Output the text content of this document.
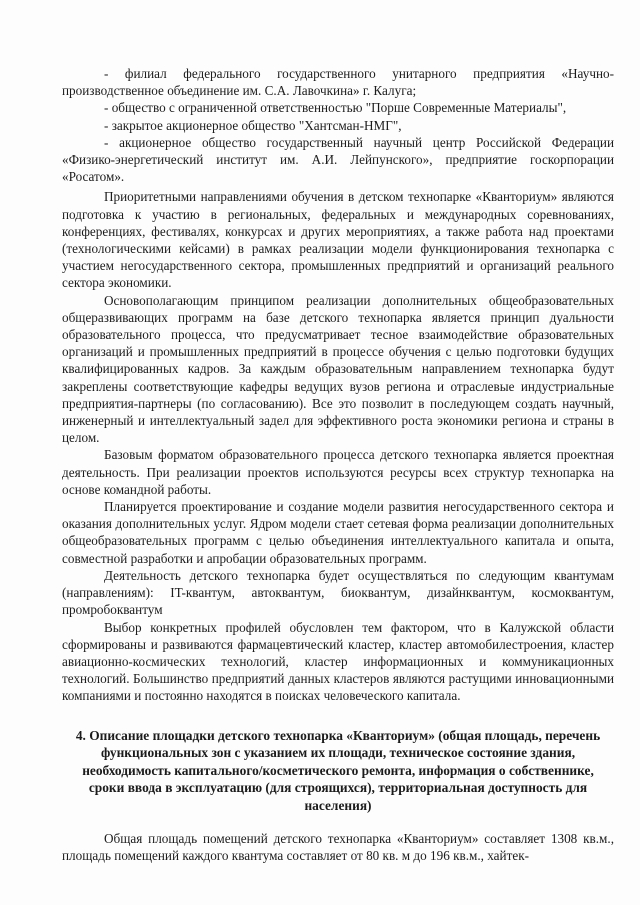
- филиал федерального государственного унитарного предприятия «Научно-производственное объединение им. С.А. Лавочкина» г. Калуга;

- общество с ограниченной ответственностью "Порше Современные Материалы",

- закрытое акционерное общество "Хантсман-НМГ",

- акционерное общество государственный научный центр Российской Федерации «Физико-энергетический институт им. А.И. Лейпунского», предприятие госкорпорации «Росатом».

Приоритетными направлениями обучения в детском технопарке «Кванториум» являются подготовка к участию в региональных, федеральных и международных соревнованиях, конференциях, фестивалях, конкурсах и других мероприятиях, а также работа над проектами (технологическими кейсами) в рамках реализации модели функционирования технопарка с участием негосударственного сектора, промышленных предприятий и организаций реального сектора экономики.

Основополагающим принципом реализации дополнительных общеобразовательных общеразвивающих программ на базе детского технопарка является принцип дуальности образовательного процесса, что предусматривает тесное взаимодействие образовательных организаций и промышленных предприятий в процессе обучения с целью подготовки будущих квалифицированных кадров. За каждым образовательным направлением технопарка будут закреплены соответствующие кафедры ведущих вузов региона и отраслевые индустриальные предприятия-партнеры (по согласованию). Все это позволит в последующем создать научный, инженерный и интеллектуальный задел для эффективного роста экономики региона и страны в целом.

Базовым форматом образовательного процесса детского технопарка является проектная деятельность. При реализации проектов используются ресурсы всех структур технопарка на основе командной работы.

Планируется проектирование и создание модели развития негосударственного сектора и оказания дополнительных услуг. Ядром модели стает сетевая форма реализации дополнительных общеобразовательных программ с целью объединения интеллектуального капитала и опыта, совместной разработки и апробации образовательных программ.

Деятельность детского технопарка будет осуществляться по следующим квантумам (направлениям): IT-квантум, автоквантум, биоквантум, дизайнквантум, космоквантум, промробоквантум

Выбор конкретных профилей обусловлен тем фактором, что в Калужской области сформированы и развиваются фармацевтический кластер, кластер автомобилестроения, кластер авиационно-космических технологий, кластер информационных и коммуникационных технологий. Большинство предприятий данных кластеров являются растущими инновационными компаниями и постоянно находятся в поисках человеческого капитала.

4. Описание площадки детского технопарка «Кванториум» (общая площадь, перечень функциональных зон с указанием их площади, техническое состояние здания, необходимость капитального/косметического ремонта, информация о собственнике, сроки ввода в эксплуатацию (для строящихся), территориальная доступность для населения)

Общая площадь помещений детского технопарка «Кванториум» составляет 1308 кв.м., площадь помещений каждого квантума составляет от 80 кв. м до 196 кв.м., хайтек-
